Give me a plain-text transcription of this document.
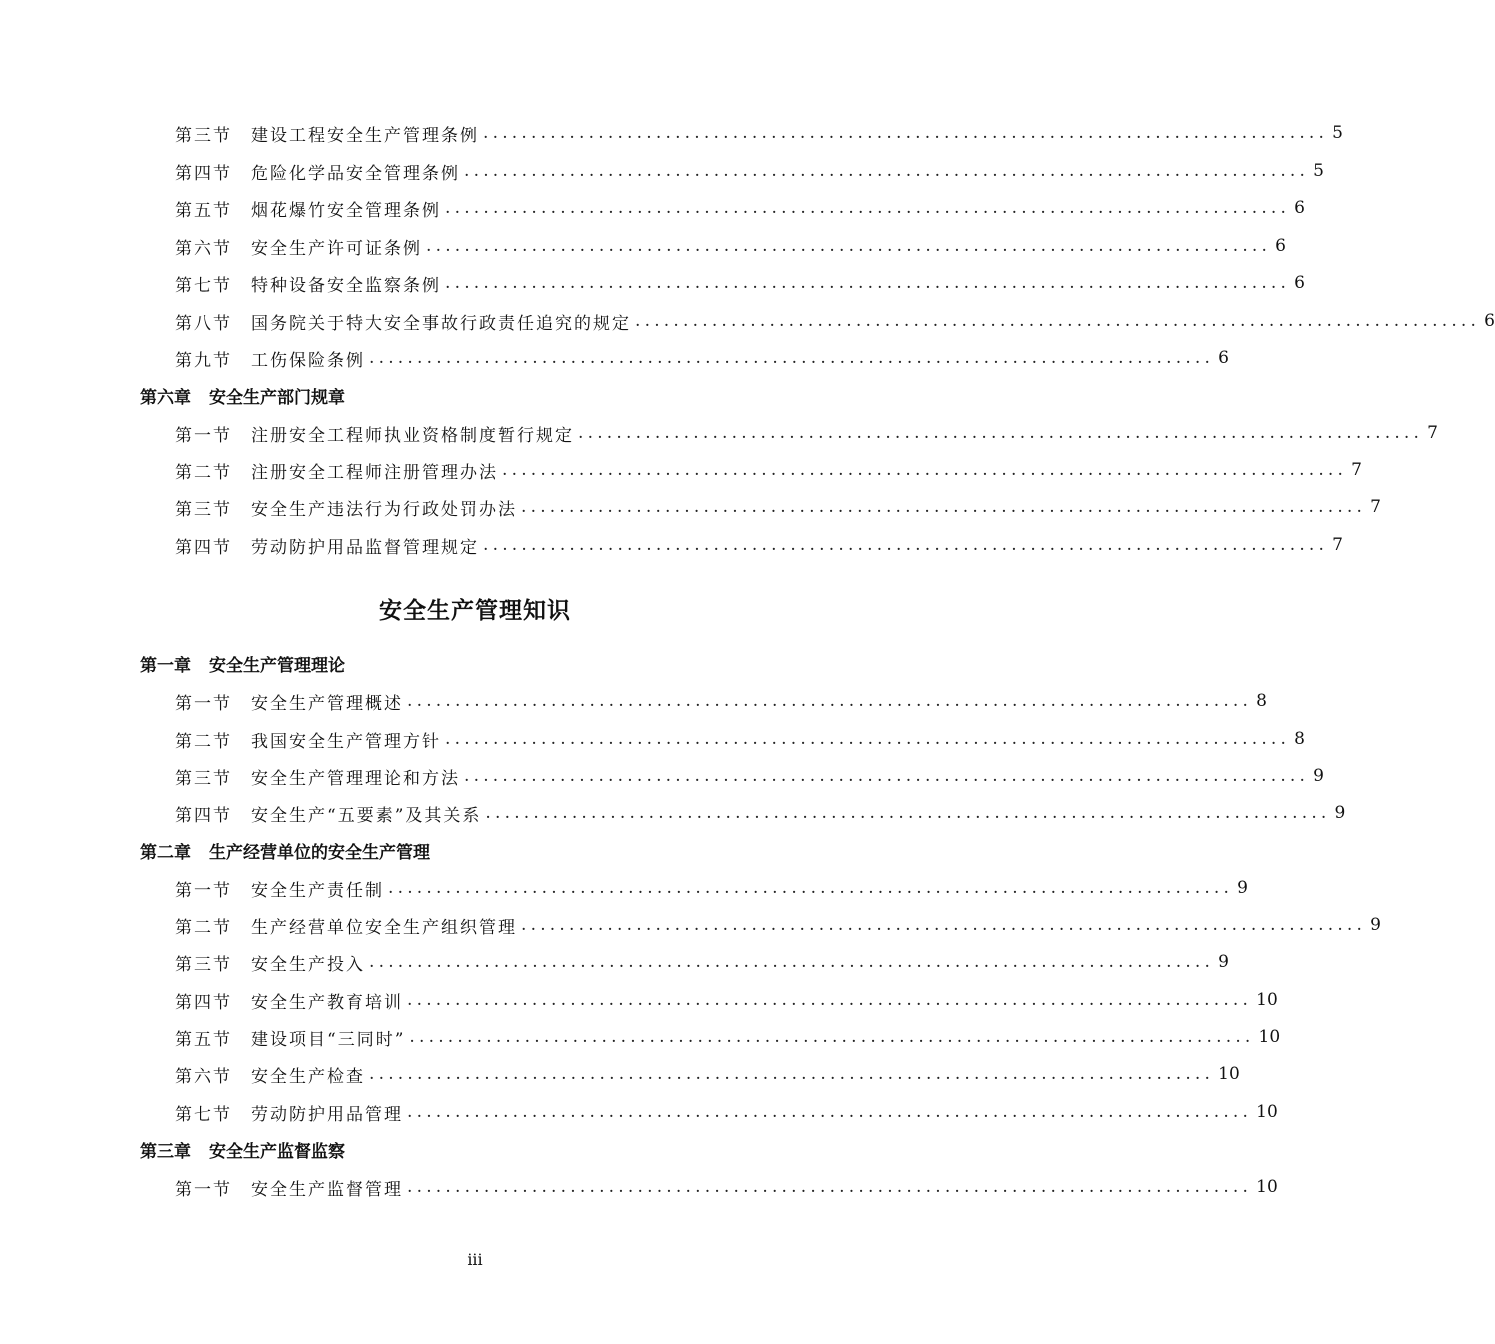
第三节	建设工程安全生产管理条例 ........................................................................................ 5
第四节	危险化学品安全管理条例 ........................................................................................ 5
第五节	烟花爆竹安全管理条例 ........................................................................................ 6
第六节	安全生产许可证条例 ........................................................................................ 6
第七节	特种设备安全监察条例 ........................................................................................ 6
第八节	国务院关于特大安全事故行政责任追究的规定 ........................................................................................ 6
第九节	工伤保险条例 ........................................................................................ 6
第六章 安全生产部门规章
第一节	注册安全工程师执业资格制度暂行规定 ........................................................................................ 7
第二节	注册安全工程师注册管理办法 ........................................................................................ 7
第三节	安全生产违法行为行政处罚办法 ........................................................................................ 7
第四节	劳动防护用品监督管理规定 ........................................................................................ 7
安全生产管理知识
第一章 安全生产管理理论
第一节	安全生产管理概述 ........................................................................................ 8
第二节	我国安全生产管理方针 ........................................................................................ 8
第三节	安全生产管理理论和方法 ........................................................................................ 9
第四节	安全生产“五要素”及其关系 ........................................................................................ 9
第二章 生产经营单位的安全生产管理
第一节	安全生产责任制 ........................................................................................ 9
第二节	生产经营单位安全生产组织管理 ........................................................................................ 9
第三节	安全生产投入 ........................................................................................ 9
第四节	安全生产教育培训 ........................................................................................ 10
第五节	建设项目“三同时” ........................................................................................ 10
第六节	安全生产检查 ........................................................................................ 10
第七节	劳动防护用品管理 ........................................................................................ 10
第三章 安全生产监督监察
第一节	安全生产监督管理 ........................................................................................ 10
iii
